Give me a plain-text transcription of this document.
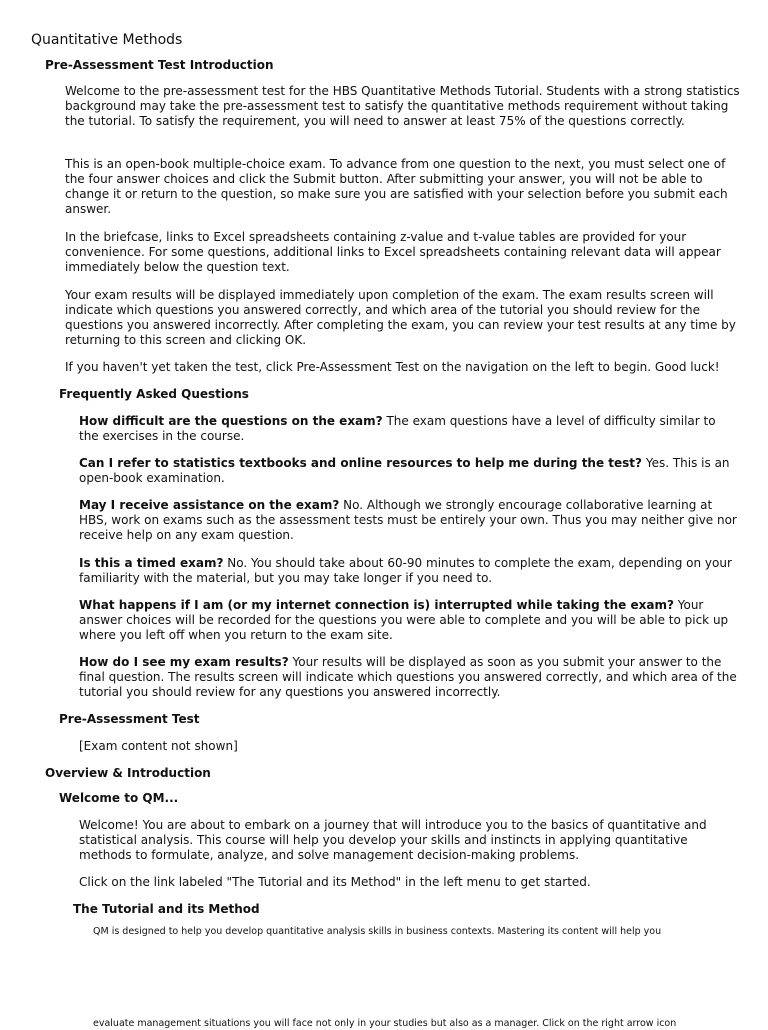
Quantitative Methods
Pre-Assessment Test Introduction

Welcome to the pre-assessment test for the HBS Quantitative Methods Tutorial. Students with a strong statistics background may take the pre-assessment test to satisfy the quantitative methods requirement without taking the tutorial. To satisfy the requirement, you will need to answer at least 75% of the questions correctly.

This is an open-book multiple-choice exam. To advance from one question to the next, you must select one of the four answer choices and click the Submit button. After submitting your answer, you will not be able to change it or return to the question, so make sure you are satisfied with your selection before you submit each answer.

In the briefcase, links to Excel spreadsheets containing z-value and t-value tables are provided for your convenience. For some questions, additional links to Excel spreadsheets containing relevant data will appear immediately below the question text.

Your exam results will be displayed immediately upon completion of the exam. The exam results screen will indicate which questions you answered correctly, and which area of the tutorial you should review for the questions you answered incorrectly. After completing the exam, you can review your test results at any time by returning to this screen and clicking OK.

If you haven't yet taken the test, click Pre-Assessment Test on the navigation on the left to begin. Good luck!

Frequently Asked Questions

How difficult are the questions on the exam? The exam questions have a level of difficulty similar to the exercises in the course.

Can I refer to statistics textbooks and online resources to help me during the test? Yes. This is an open-book examination.

May I receive assistance on the exam? No. Although we strongly encourage collaborative learning at HBS, work on exams such as the assessment tests must be entirely your own. Thus you may neither give nor receive help on any exam question.

Is this a timed exam? No. You should take about 60-90 minutes to complete the exam, depending on your familiarity with the material, but you may take longer if you need to.

What happens if I am (or my internet connection is) interrupted while taking the exam? Your answer choices will be recorded for the questions you were able to complete and you will be able to pick up where you left off when you return to the exam site.

How do I see my exam results? Your results will be displayed as soon as you submit your answer to the final question. The results screen will indicate which questions you answered correctly, and which area of the tutorial you should review for any questions you answered incorrectly.

Pre-Assessment Test

[Exam content not shown]

Overview & Introduction
Welcome to QM...

Welcome! You are about to embark on a journey that will introduce you to the basics of quantitative and statistical analysis. This course will help you develop your skills and instincts in applying quantitative methods to formulate, analyze, and solve management decision-making problems.

Click on the link labeled "The Tutorial and its Method" in the left menu to get started.

The Tutorial and its Method

QM is designed to help you develop quantitative analysis skills in business contexts. Mastering its content will help you

evaluate management situations you will face not only in your studies but also as a manager. Click on the right arrow icon
